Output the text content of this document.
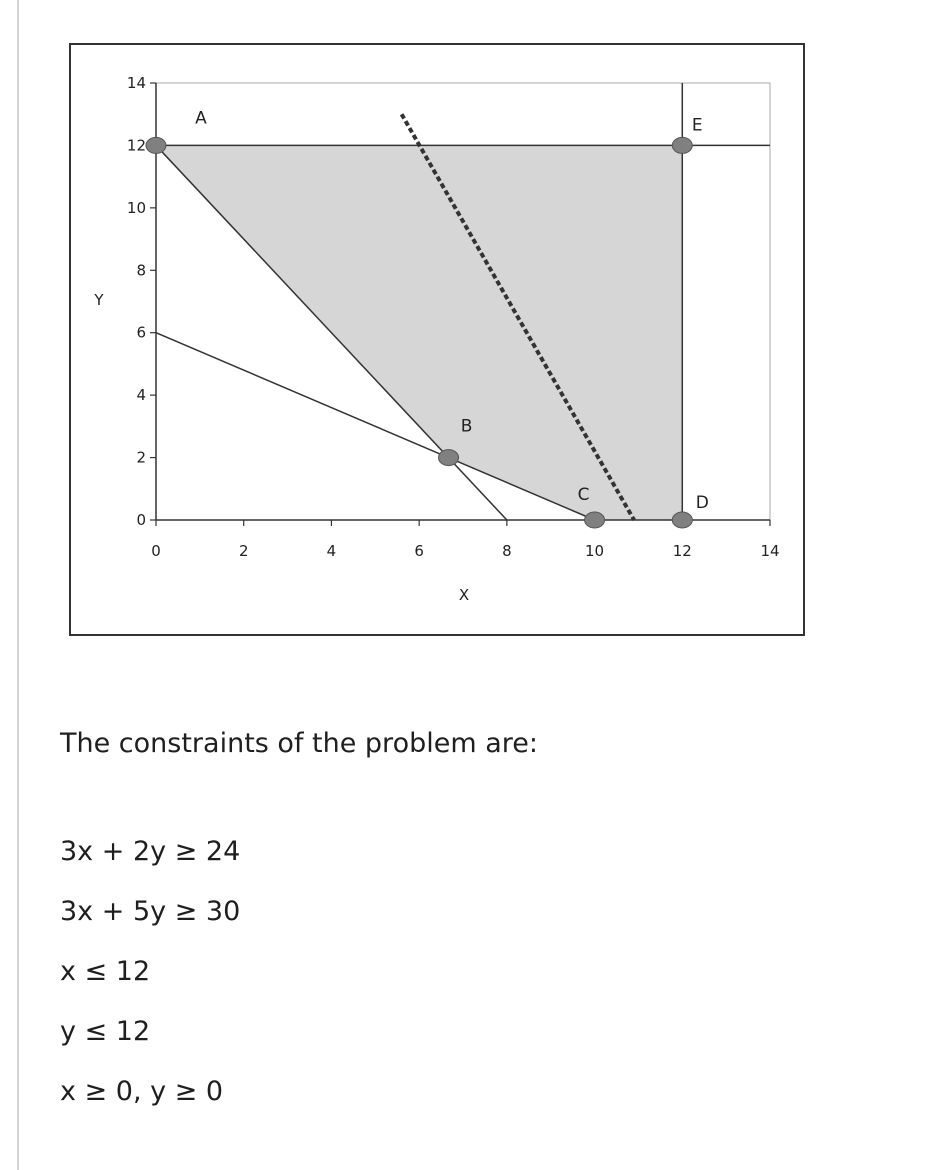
0	2	4	6	8	10	12	14
0
2
4
6
8
10
12
14
A
B
C	D
E
X
Y

The constraints of the problem are:

3x + 2y ≥ 24
3x + 5y ≥ 30
x ≤ 12
y ≤ 12
x ≥ 0, y ≥ 0
